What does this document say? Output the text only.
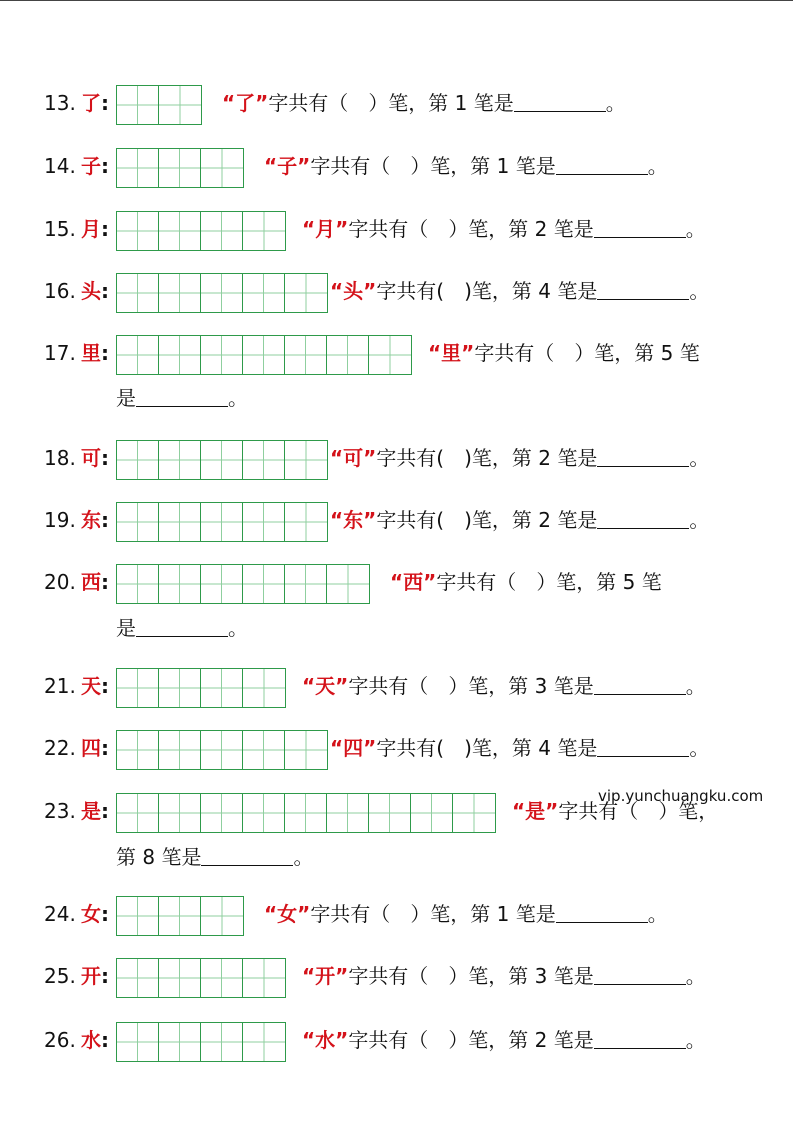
13. 了:	“了”字共有（ ）笔，第 1 笔是	。
14. 子:	“子”字共有（ ）笔，第 1 笔是	。
15. 月:	“月”字共有（ ）笔，第 2 笔是	。
16. 头:	“头”字共有( )笔，第 4 笔是	。
17. 里:	“里”字共有（ ）笔，第 5 笔
是	。
18. 可:	“可”字共有( )笔，第 2 笔是	。
19. 东:	“东”字共有( )笔，第 2 笔是	。
20. 西:	“西”字共有（ ）笔，第 5 笔
是	。
21. 天:	“天”字共有（ ）笔，第 3 笔是	。
22. 四:	“四”字共有( )笔，第 4 笔是	。
23. 是:	“是”字共有（ ）笔，
第 8 笔是	。
24. 女:	“女”字共有（ ）笔，第 1 笔是	。
25. 开:	“开”字共有（ ）笔，第 3 笔是	。
26. 水:	“水”字共有（ ）笔，第 2 笔是	。
vip.yunchuangku.com
